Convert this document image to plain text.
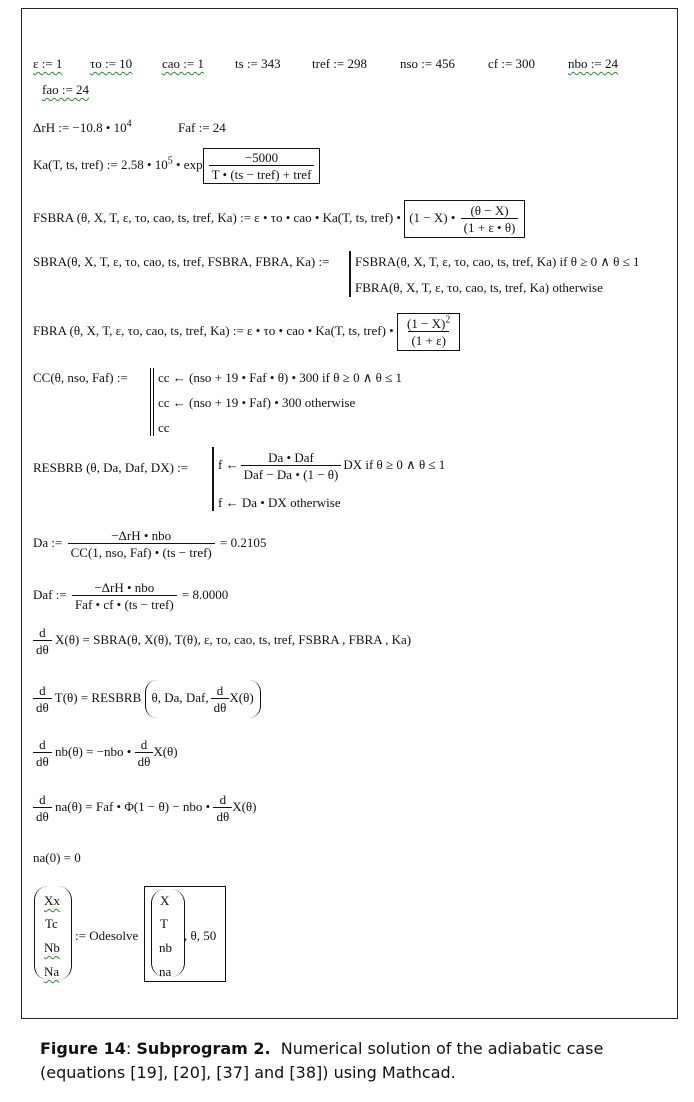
ε := 1 τo := 10 cao := 1 ts := 343 tref := 298	nso := 456	cf := 300	nbo := 24
fao := 24
ΔrH := −10.8 • $10^4$	Faf := 24
Ka(T, ts, tref) := 2.58 • $10^5$ • $\exp \frac{-5000}{\text{T • (ts − tref) + tref}}$
FSBRA (θ, X, T, ε, τo, cao, ts, tref, Ka) := ε • τo • cao • Ka(T, ts, tref) • (1 − X) • $\frac{(\theta - X)}{(1 + \varepsilon • \theta)}$
SBRA(θ, X, T, ε, τo, cao, ts, tref, FSBRA, FBRA, Ka) := FSBRA(θ, X, T, ε, τo, cao, ts, tref, Ka) if θ ≥ 0 ∧ θ ≤ 1
FBRA(θ, X, T, ε, τo, cao, ts, tref, Ka) otherwise
FBRA (θ, X, T, ε, τo, cao, ts, tref, Ka) := ε • τo • cao • Ka(T, ts, tref) • $\frac{(1 - X)^2}{(1 + \varepsilon)}$
CC(θ, nso, Faf) := cc ← (nso + 19 • Faf • θ) • 300 if θ ≥ 0 ∧ θ ≤ 1
cc ← (nso + 19 • Faf) • 300 otherwise
cc
RESBRB (θ, Da, Daf, DX) := f ← $\frac{\text{Da • Daf}}{\text{Daf − Da • (1 − θ)}}$ DX if θ ≥ 0 ∧ θ ≤ 1
f ← Da • DX otherwise
Da := $\frac{\text{−ΔrH • nbo}}{\text{CC(1, nso, Faf) • (ts − tref)}} = 0.2105$
Daf := $\frac{\text{−ΔrH • nbo}}{\text{Faf • cf • (ts − tref)}} = 8.0000$
$\frac{d}{d\theta} X(\theta)$ = SBRA(θ, X(θ), T(θ), ε, τo, cao, ts, tref, FSBRA , FBRA , Ka)
$\frac{d}{d\theta} T(\theta)$ = RESBRB θ, Da, Daf, $\frac{d}{d\theta} X(\theta)$
$\frac{d}{d\theta} nb(\theta) = -nbo$ • $\frac{d}{d\theta} X(\theta)$
$\frac{d}{d\theta} na(\theta)$ = Faf • Φ(1 − θ) − nbo • $\frac{d}{d\theta} X(\theta)$
na(0) = 0
Xx
Tc
Nb
Na
:= Odesolve
X
T
nb
na
, θ, 50
Figure 14: Subprogram 2. Numerical solution of the adiabatic case (equations [19], [20], [37] and [38]) using Mathcad.
